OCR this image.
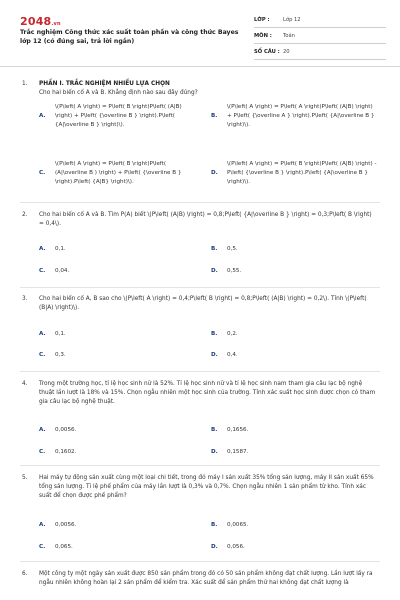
2048.vn
Trắc nghiệm Công thức xác suất toàn phần và công thức Bayes lớp 12 (có đúng sai, trả lời ngắn)
LỚP :	Lớp 12
MÔN :	Toán
SỐ CÂU : 20
1. PHẦN I. TRẮC NGHIỆM NHIỀU LỰA CHỌN
Cho hai biến cố A và B. Khẳng định nào sau đây đúng?
A.
\(P\left( A \right) = P\left( B \right)P\left( (A|B) \right) + P\left( {\overline B } \right).P\left( {A|\overline B } \right)\).
B.
\(P\left( A \right) = P\left( A \right)P\left( (A|B) \right) + P\left( {\overline A } \right).P\left( {A|\overline B } \right)\).
C.
\(P\left( A \right) = P\left( B \right)P\left( (A|\overline B ) \right) + P\left( {\overline B } \right).P\left( {A|B} \right)\).
D.
\(P\left( A \right) = P\left( B \right)P\left( (A|B) \right) - P\left( {\overline B } \right).P\left( {A|\overline B } \right)\).
2. Cho hai biến cố A và B. Tìm P(A) biết \(P\left( (A|B) \right) = 0,8;P\left( {A|\overline B } \right) = 0,3;P\left( B \right) = 0,4\).
A. 0,1.	B. 0,5.
C. 0,04.	D. 0,55.
3. Cho hai biến cố A, B sao cho \(P\left( A \right) = 0,4;P\left( B \right) = 0,8;P\left( (A|B) \right) = 0,2\). Tính \(P\left( (B|A) \right)\).
A. 0,1.	B. 0,2.
C. 0,3.	D. 0,4.
4. Trong một trường học, tỉ lệ học sinh nữ là 52%. Tỉ lệ học sinh nữ và tỉ lệ học sinh nam tham gia câu lạc bộ nghệ thuật lần lượt là 18% và 15%. Chọn ngẫu nhiên một học sinh của trường. Tính xác suất học sinh được chọn có tham gia câu lạc bộ nghệ thuật.
A. 0,0056.	B. 0,1656.
C. 0,1602.	D. 0,1587.
5. Hai máy tự động sản xuất cùng một loại chi tiết, trong đó máy I sản xuất 35% tổng sản lượng, máy II sản xuất 65% tổng sản lượng. Tỉ lệ phế phẩm của máy lần lượt là 0,3% và 0,7%. Chọn ngẫu nhiên 1 sản phẩm từ kho. Tính xác suất để chọn được phế phẩm?
A. 0,0056.	B. 0,0065.
C. 0,065.	D. 0,056.
6. Một công ty một ngày sản xuất được 850 sản phẩm trong đó có 50 sản phẩm không đạt chất lượng. Lần lượt lấy ra ngẫu nhiên không hoàn lại 2 sản phẩm để kiểm tra. Xác suất để sản phẩm thứ hai không đạt chất lượng là
